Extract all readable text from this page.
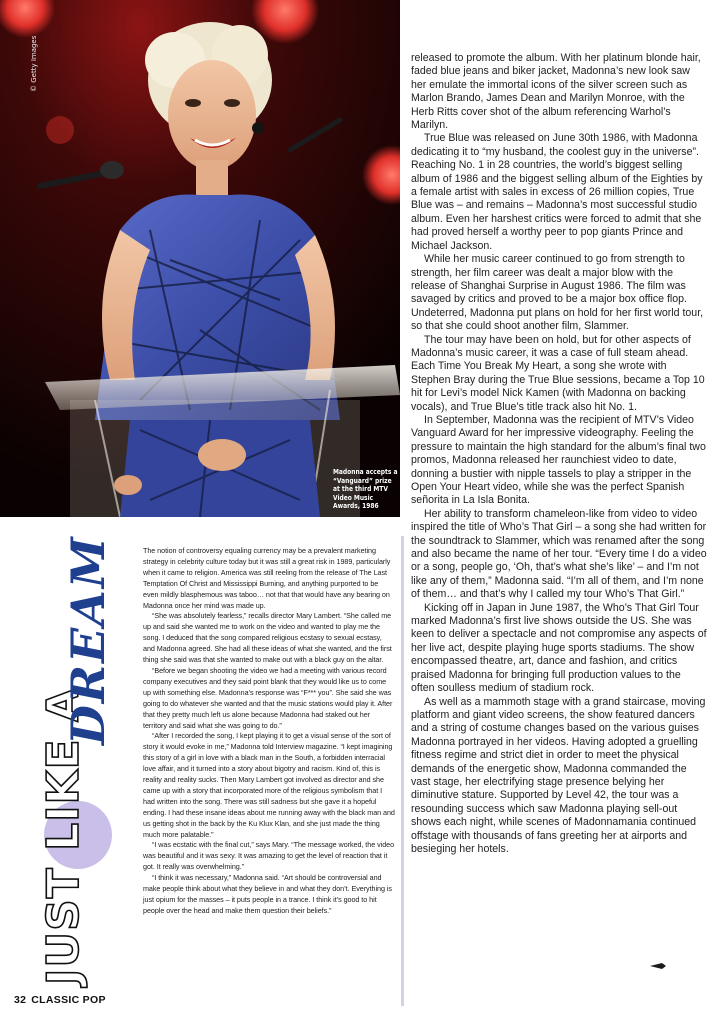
© Getty Images
Madonna accepts a “Vanguard” prize at the third MTV Video Music Awards, 1986

released to promote the album. With her platinum blonde hair, faded blue jeans and biker jacket, Madonna’s new look saw her emulate the immortal icons of the silver screen such as Marlon Brando, James Dean and Marilyn Monroe, with the Herb Ritts cover shot of the album referencing Warhol’s Marilyn.

True Blue was released on June 30th 1986, with Madonna dedicating it to “my husband, the coolest guy in the universe”. Reaching No. 1 in 28 countries, the world’s biggest selling album of 1986 and the biggest selling album of the Eighties by a female artist with sales in excess of 26 million copies, True Blue was – and remains – Madonna’s most successful studio album. Even her harshest critics were forced to admit that she had proved herself a worthy peer to pop giants Prince and Michael Jackson.

While her music career continued to go from strength to strength, her film career was dealt a major blow with the release of Shanghai Surprise in August 1986. The film was savaged by critics and proved to be a major box office flop. Undeterred, Madonna put plans on hold for her first world tour, so that she could shoot another film, Slammer.

The tour may have been on hold, but for other aspects of Madonna’s music career, it was a case of full steam ahead. Each Time You Break My Heart, a song she wrote with Stephen Bray during the True Blue sessions, became a Top 10 hit for Levi’s model Nick Kamen (with Madonna on backing vocals), and True Blue’s title track also hit No. 1.

In September, Madonna was the recipient of MTV’s Video Vanguard Award for her impressive videography. Feeling the pressure to maintain the high standard for the album’s final two promos, Madonna released her raunchiest video to date, donning a bustier with nipple tassels to play a stripper in the Open Your Heart video, while she was the perfect Spanish señorita in La Isla Bonita.

Her ability to transform chameleon-like from video to video inspired the title of Who’s That Girl – a song she had written for the soundtrack to Slammer, which was renamed after the song and also became the name of her tour. “Every time I do a video or a song, people go, ‘Oh, that’s what she’s like’ – and I’m not like any of them,” Madonna said. “I’m all of them, and I’m none of them… and that’s why I called my tour Who’s That Girl.”

Kicking off in Japan in June 1987, the Who’s That Girl Tour marked Madonna’s first live shows outside the US. She was keen to deliver a spectacle and not compromise any aspects of her live act, despite playing huge sports stadiums. The show encompassed theatre, art, dance and fashion, and critics praised Madonna for bringing full production values to the often soulless medium of stadium rock.

As well as a mammoth stage with a grand staircase, moving platform and giant video screens, the show featured dancers and a string of costume changes based on the various guises Madonna portrayed in her videos. Having adopted a gruelling fitness regime and strict diet in order to meet the physical demands of the energetic show, Madonna commanded the vast stage, her electrifying stage presence belying her diminutive stature. Supported by Level 42, the tour was a resounding success which saw Madonna playing sell-out shows each night, while scenes of Madonnamania continued offstage with thousands of fans greeting her at airports and besieging her hotels.

JUST LIKE A
DREAM	The notion of controversy equaling currency may be a prevalent marketing strategy in celebrity culture today but it was still a great risk in 1989, particularly when it came to religion. America was still reeling from the release of The Last Temptation Of Christ and Mississippi Burning, and anything purported to be even mildly blasphemous was taboo… not that that would have any bearing on Madonna once her mind was made up.

“She was absolutely fearless,” recalls director Mary Lambert. “She called me up and said she wanted me to work on the video and wanted to play me the song. I deduced that the song compared religious ecstasy to sexual ecstasy, and Madonna agreed. She had all these ideas of what she wanted, and the first thing she said was that she wanted to make out with a black guy on the altar.

“Before we began shooting the video we had a meeting with various record company executives and they said point blank that they would like us to come up with something else. Madonna’s response was “F*** you”. She said she was going to do whatever she wanted and that the music stations would play it. After that they pretty much left us alone because Madonna had staked out her territory and said what she was going to do.”

“After I recorded the song, I kept playing it to get a visual sense of the sort of story it would evoke in me,” Madonna told Interview magazine. “I kept imagining this story of a girl in love with a black man in the South, a forbidden interracial love affair, and it turned into a story about bigotry and racism. Kind of, this is reality and reality sucks. Then Mary Lambert got involved as director and she came up with a story that incorporated more of the religious symbolism that I had written into the song. There was still sadness but she gave it a hopeful ending. I had these insane ideas about me running away with the black man and us getting shot in the back by the Ku Klux Klan, and she just made the thing much more palatable.”

“I was ecstatic with the final cut,” says Mary. “The message worked, the video was beautiful and it was sexy. It was amazing to get the level of reaction that it got. It really was overwhelming.”

“I think it was necessary,” Madonna said. “Art should be controversial and make people think about what they believe in and what they don’t. Everything is just opium for the masses – it puts people in a trance. I think it’s good to hit people over the head and make them question their beliefs.”

32 CLASSIC POP
